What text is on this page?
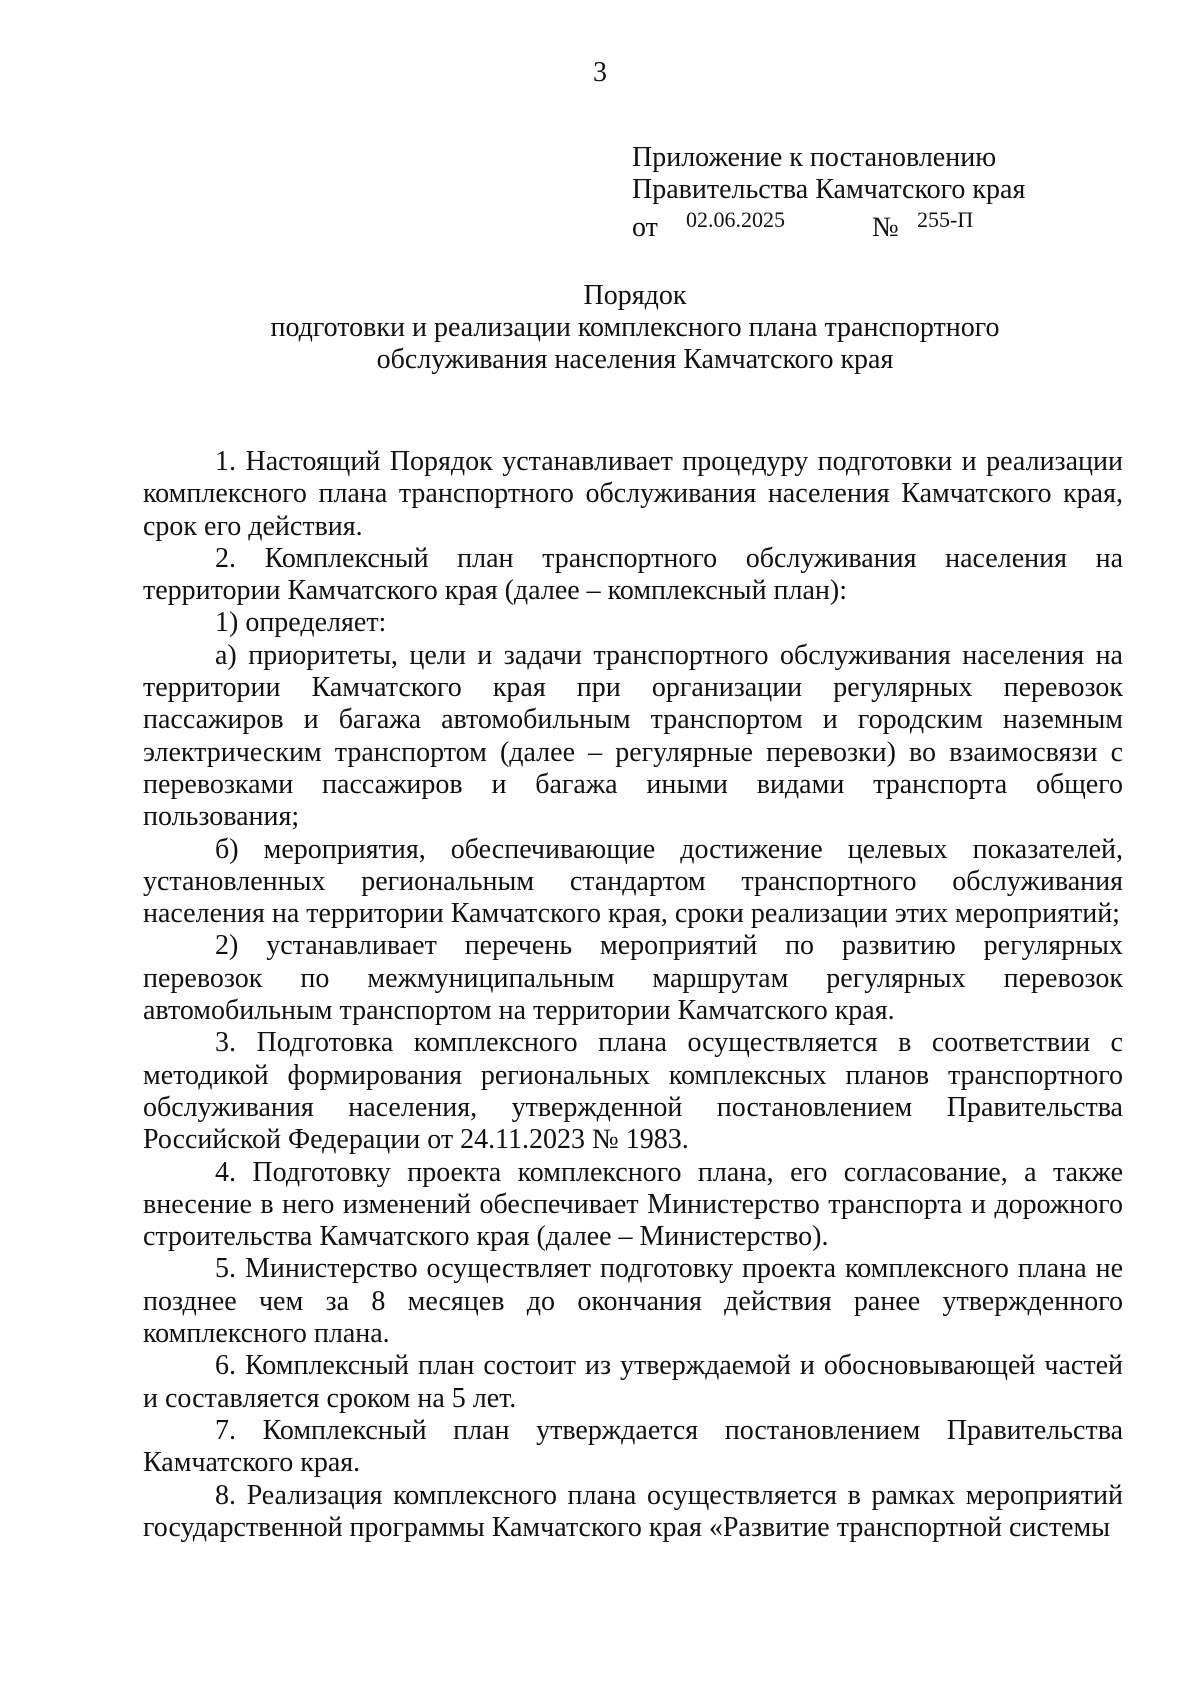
3
Приложение к постановлению
Правительства Камчатского края
от 02.06.2025	№ 255-П
Порядок
подготовки и реализации комплексного плана транспортного
обслуживания населения Камчатского края

1. Настоящий Порядок устанавливает процедуру подготовки и реализации комплексного плана транспортного обслуживания населения Камчатского края, срок его действия.

2. Комплексный план транспортного обслуживания населения на территории Камчатского края (далее – комплексный план):

1) определяет:

а) приоритеты, цели и задачи транспортного обслуживания населения на территории Камчатского края при организации регулярных перевозок пассажиров и багажа автомобильным транспортом и городским наземным электрическим транспортом (далее – регулярные перевозки) во взаимосвязи с перевозками пассажиров и багажа иными видами транспорта общего пользования;

б) мероприятия, обеспечивающие достижение целевых показателей, установленных региональным стандартом транспортного обслуживания населения на территории Камчатского края, сроки реализации этих мероприятий;

2) устанавливает перечень мероприятий по развитию регулярных перевозок по межмуниципальным маршрутам регулярных перевозок автомобильным транспортом на территории Камчатского края.

3. Подготовка комплексного плана осуществляется в соответствии с методикой формирования региональных комплексных планов транспортного обслуживания населения, утвержденной постановлением Правительства Российской Федерации от 24.11.2023 № 1983.

4. Подготовку проекта комплексного плана, его согласование, а также внесение в него изменений обеспечивает Министерство транспорта и дорожного строительства Камчатского края (далее – Министерство).

5. Министерство осуществляет подготовку проекта комплексного плана не позднее чем за 8 месяцев до окончания действия ранее утвержденного комплексного плана.

6. Комплексный план состоит из утверждаемой и обосновывающей частей и составляется сроком на 5 лет.

7. Комплексный план утверждается постановлением Правительства Камчатского края.

8. Реализация комплексного плана осуществляется в рамках мероприятий государственной программы Камчатского края «Развитие транспортной системы
